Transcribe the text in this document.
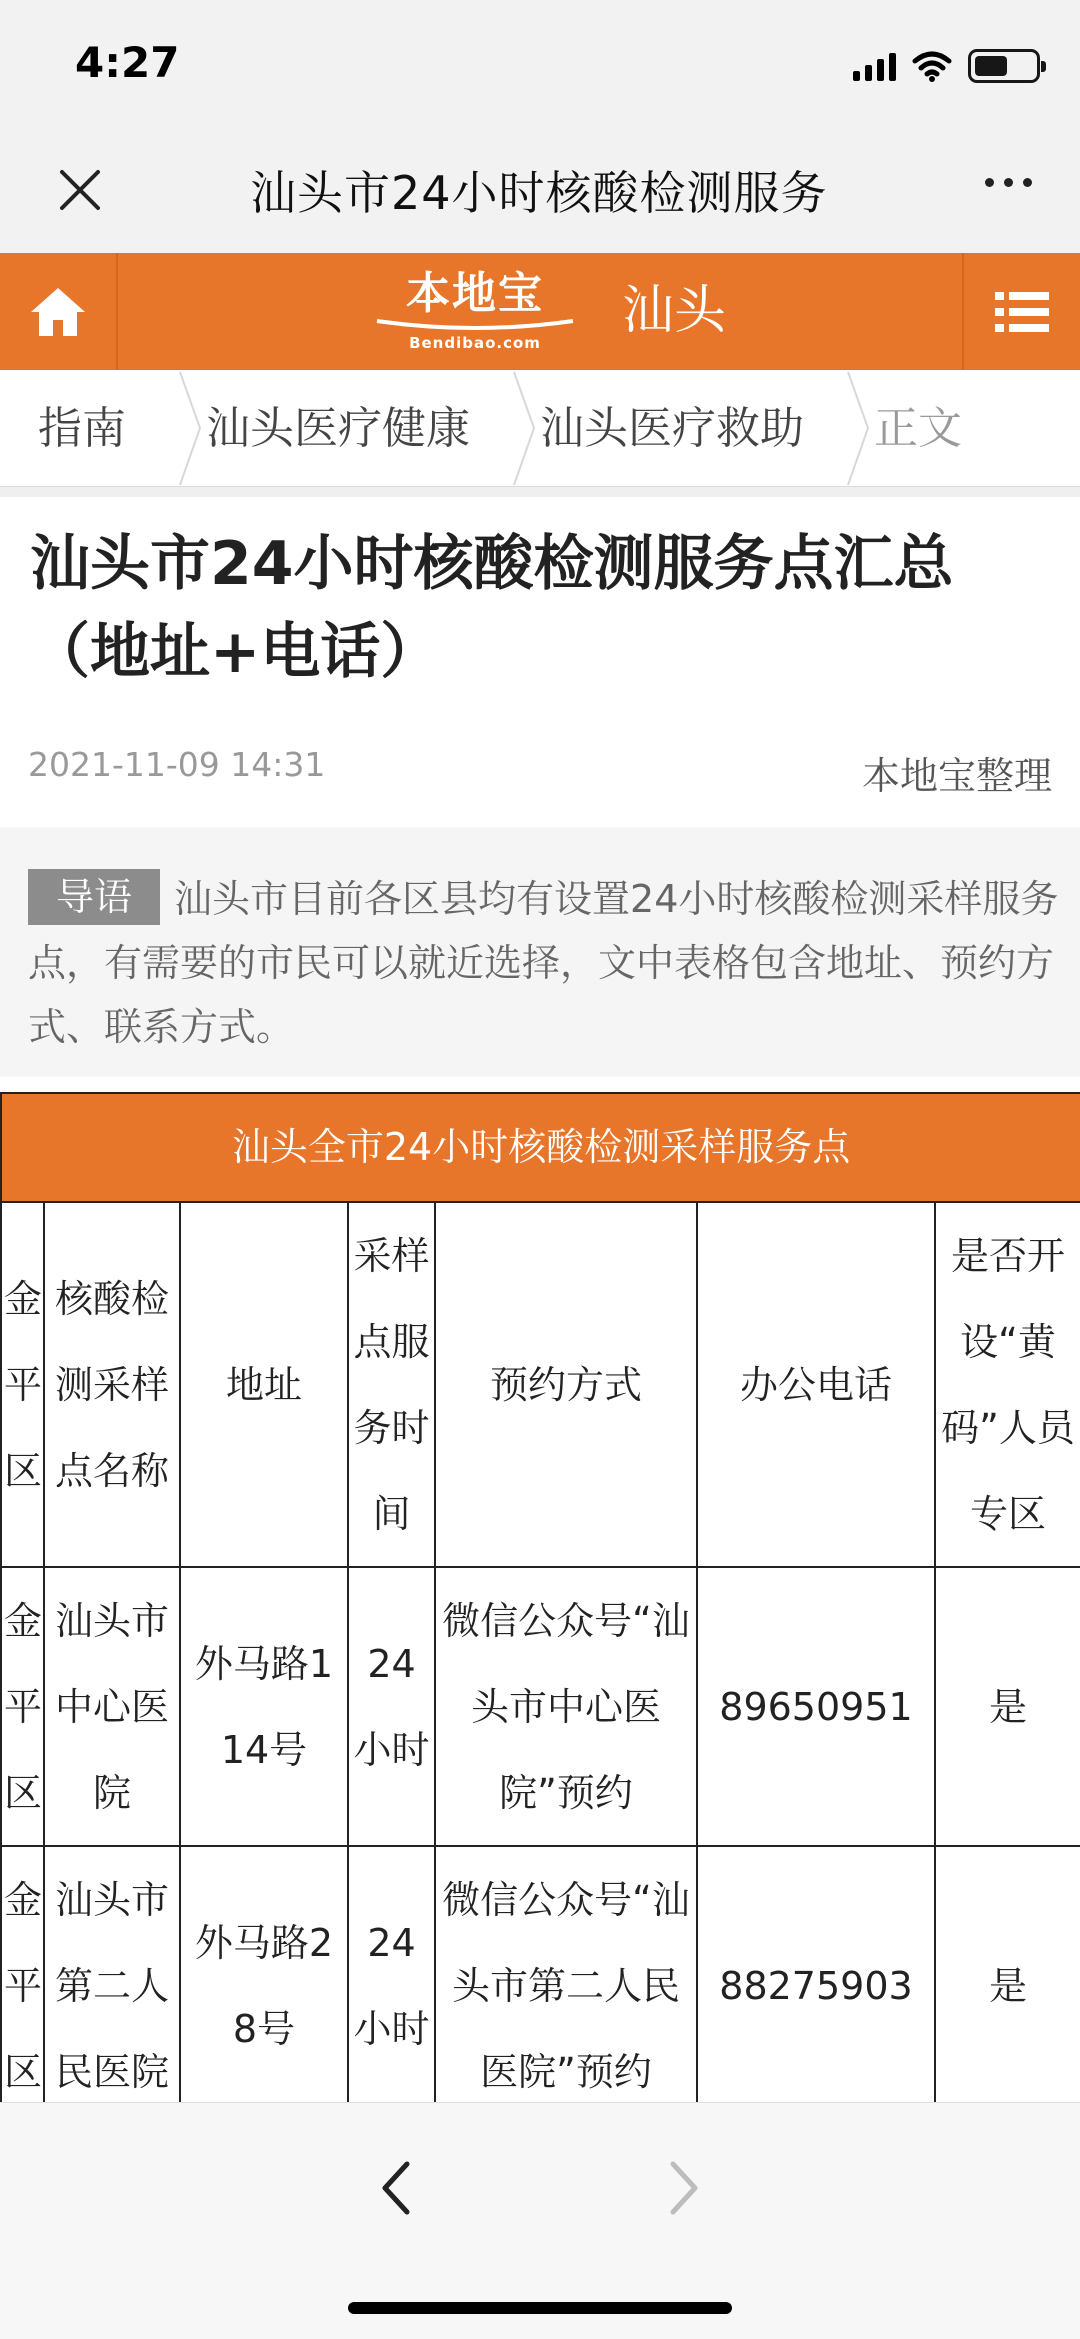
4:27
汕头市24小时核酸检测服务
本地宝
Bendibao.com
汕头
指南	汕头医疗健康	汕头医疗救助	正文
汕头市24小时核酸检测服务点汇总（地址+电话）
2021-11-09 14:31	本地宝整理
导语 汕头市目前各区县均有设置24小时核酸检测采样服务点，有需要的市民可以就近选择，文中表格包含地址、预约方式、联系方式。
汕头全市24小时核酸检测采样服务点						
金平区	核酸检测采样点名称	地址	采样点服务时间	预约方式	办公电话	是否开设“黄码”人员专区
金平区	汕头市中心医院	外马路114号	24小时	微信公众号“汕头市中心医院”预约	89650951	是
金平区	汕头市第二人民医院	外马路28号	24小时	微信公众号“汕头市第二人民医院”预约	88275903	是
